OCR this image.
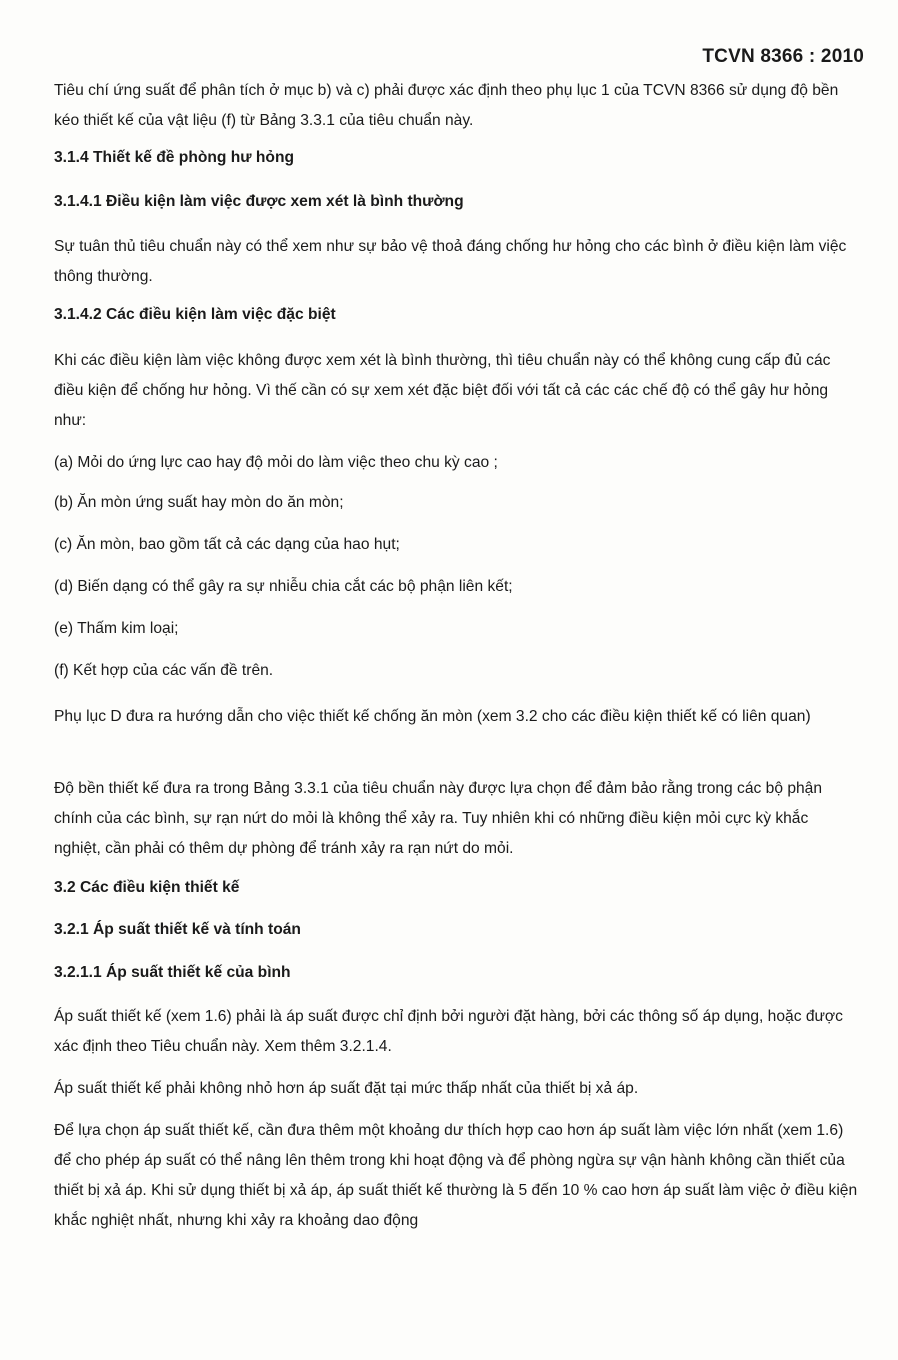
TCVN 8366 : 2010

Tiêu chí ứng suất để phân tích ở mục b) và c) phải được xác định theo phụ lục 1 của TCVN 8366 sử dụng độ bền kéo thiết kế của vật liệu (f) từ Bảng 3.3.1 của tiêu chuẩn này.

3.1.4 Thiết kế đề phòng hư hỏng

3.1.4.1 Điều kiện làm việc được xem xét là bình thường

Sự tuân thủ tiêu chuẩn này có thể xem như sự bảo vệ thoả đáng chống hư hỏng cho các bình ở điều kiện làm việc thông thường.

3.1.4.2 Các điều kiện làm việc đặc biệt

Khi các điều kiện làm việc không được xem xét là bình thường, thì tiêu chuẩn này có thể không cung cấp đủ các điều kiện để chống hư hỏng. Vì thế cần có sự xem xét đặc biệt đối với tất cả các các chế độ có thể gây hư hỏng như:

(a) Mỏi do ứng lực cao hay độ mỏi do làm việc theo chu kỳ cao ;

(b) Ăn mòn ứng suất hay mòn do ăn mòn;

(c) Ăn mòn, bao gồm tất cả các dạng của hao hụt;

(d) Biến dạng có thể gây ra sự nhiễu chia cắt các bộ phận liên kết;

(e) Thấm kim loại;

(f) Kết hợp của các vấn đề trên.

Phụ lục D đưa ra hướng dẫn cho việc thiết kế chống ăn mòn (xem 3.2 cho các điều kiện thiết kế có liên quan)

Độ bền thiết kế đưa ra trong Bảng 3.3.1 của tiêu chuẩn này được lựa chọn để đảm bảo rằng trong các bộ phận chính của các bình, sự rạn nứt do mỏi là không thể xảy ra. Tuy nhiên khi có những điều kiện mỏi cực kỳ khắc nghiệt, cần phải có thêm dự phòng để tránh xảy ra rạn nứt do mỏi.

3.2 Các điều kiện thiết kế

3.2.1 Áp suất thiết kế và tính toán

3.2.1.1 Áp suất thiết kế của bình

Áp suất thiết kế (xem 1.6) phải là áp suất được chỉ định bởi người đặt hàng, bởi các thông số áp dụng, hoặc được xác định theo Tiêu chuẩn này. Xem thêm 3.2.1.4.

Áp suất thiết kế phải không nhỏ hơn áp suất đặt tại mức thấp nhất của thiết bị xả áp.

Để lựa chọn áp suất thiết kế, cần đưa thêm một khoảng dư thích hợp cao hơn áp suất làm việc lớn nhất (xem 1.6) để cho phép áp suất có thể nâng lên thêm trong khi hoạt động và để phòng ngừa sự vận hành không cần thiết của thiết bị xả áp. Khi sử dụng thiết bị xả áp, áp suất thiết kế thường là 5 đến 10 % cao hơn áp suất làm việc ở điều kiện khắc nghiệt nhất, nhưng khi xảy ra khoảng dao động
